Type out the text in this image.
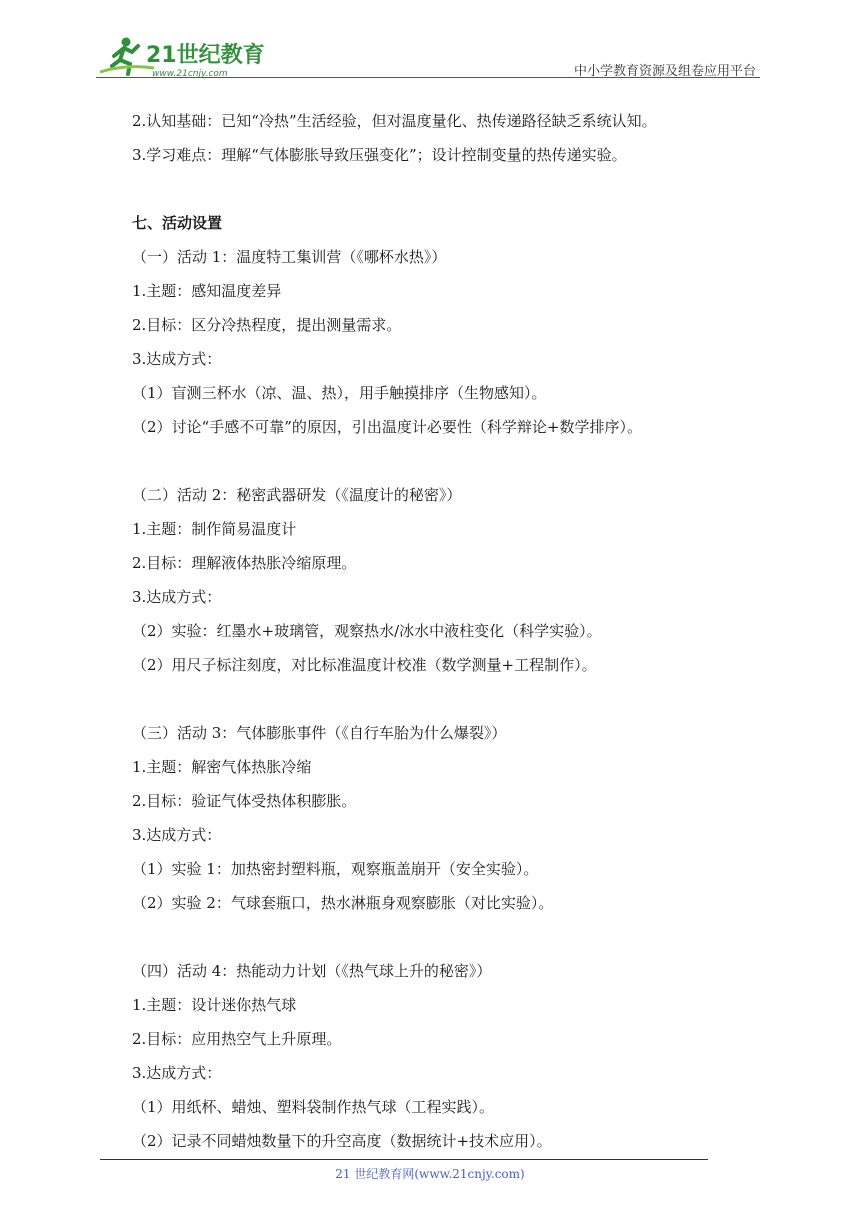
21世纪教育
www.21cnjy.com	中小学教育资源及组卷应用平台
2.认知基础：已知“冷热”生活经验，但对温度量化、热传递路径缺乏系统认知。
3.学习难点：理解“气体膨胀导致压强变化”；设计控制变量的热传递实验。
七、活动设置
（一）活动 1：温度特工集训营（《哪杯水热》）
1.主题：感知温度差异
2.目标：区分冷热程度，提出测量需求。
3.达成方式：
（1）盲测三杯水（凉、温、热），用手触摸排序（生物感知）。
（2）讨论“手感不可靠”的原因，引出温度计必要性（科学辩论+数学排序）。
（二）活动 2：秘密武器研发（《温度计的秘密》）
1.主题：制作简易温度计
2.目标：理解液体热胀冷缩原理。
3.达成方式：
（2）实验：红墨水+玻璃管，观察热水/冰水中液柱变化（科学实验）。
（2）用尺子标注刻度，对比标准温度计校准（数学测量+工程制作）。
（三）活动 3：气体膨胀事件（《自行车胎为什么爆裂》）
1.主题：解密气体热胀冷缩
2.目标：验证气体受热体积膨胀。
3.达成方式：
（1）实验 1：加热密封塑料瓶，观察瓶盖崩开（安全实验）。
（2）实验 2：气球套瓶口，热水淋瓶身观察膨胀（对比实验）。
（四）活动 4：热能动力计划（《热气球上升的秘密》）
1.主题：设计迷你热气球
2.目标：应用热空气上升原理。
3.达成方式：
（1）用纸杯、蜡烛、塑料袋制作热气球（工程实践）。
（2）记录不同蜡烛数量下的升空高度（数据统计+技术应用）。
21 世纪教育网(www.21cnjy.com)
